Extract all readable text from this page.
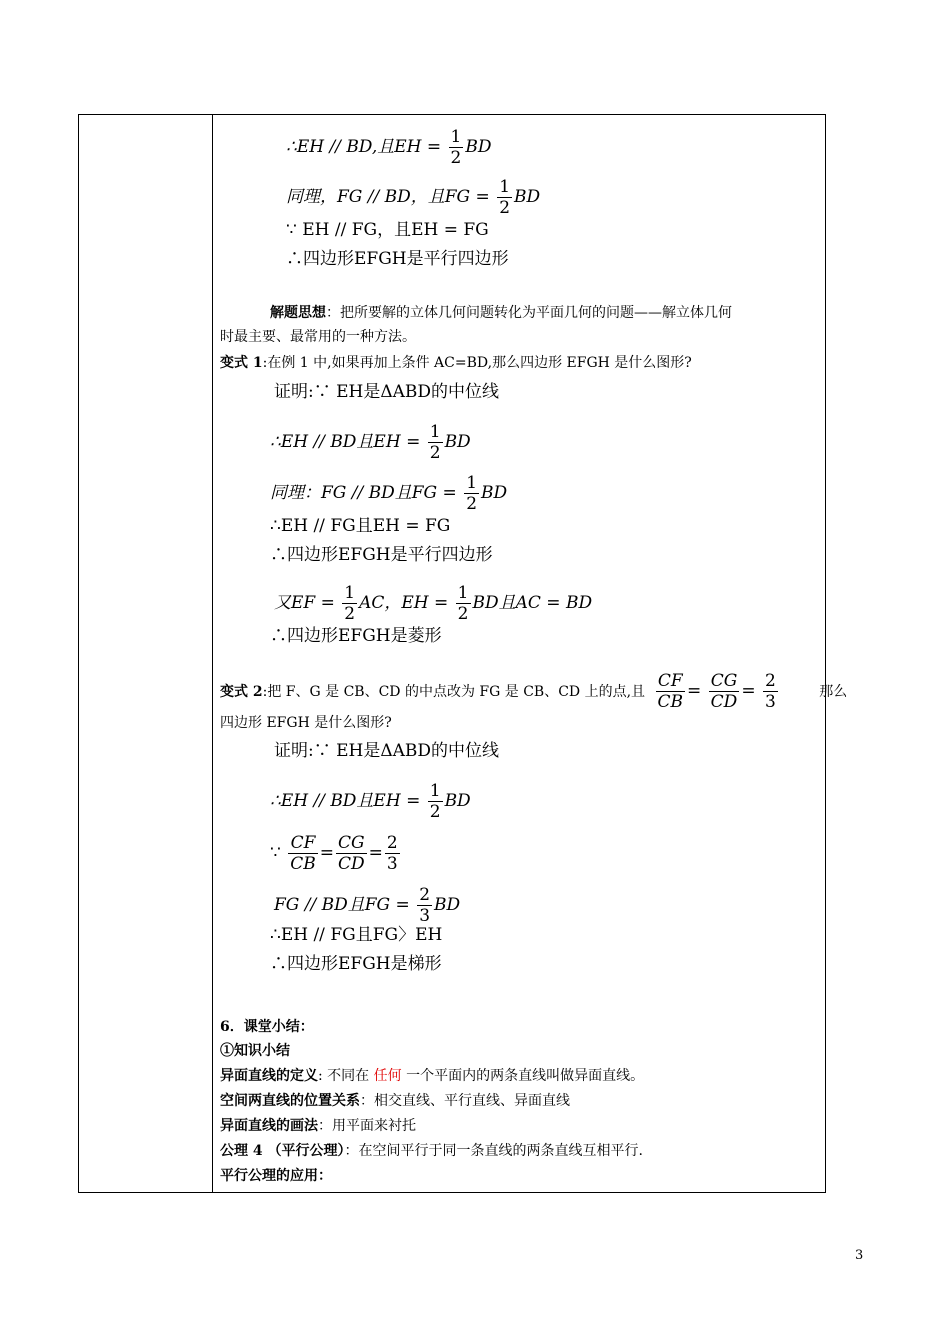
∴EH // BD,且EH = $\frac{1}{2}$ BD
同理，FG // BD，且FG = $\frac{1}{2}$ BD
∵ EH // FG，且EH = FG
∴四边形EFGH是平行四边形
解题思想：把所要解的立体几何问题转化为平面几何的问题——解立体几何
时最主要、最常用的一种方法。
变式 1:在例 1 中,如果再加上条件 AC=BD,那么四边形 EFGH 是什么图形?
证明:∵ EH是ΔABD的中位线
∴EH // BD且EH = $\frac{1}{2}$ BD
同理：FG // BD且FG = $\frac{1}{2}$ BD
∴EH // FG且EH = FG
∴四边形EFGH是平行四边形
又EF = $\frac{1}{2}$ AC，EH = $\frac{1}{2}$ BD且AC = BD
∴四边形EFGH是菱形
变式 2:把 F、G 是 CB、CD 的中点改为 FG 是 CB、CD 上的点,且 $\frac{CF}{CB} = \frac{CG}{CD} = \frac{2}{3}$	那么
四边形 EFGH 是什么图形?
证明:∵ EH是ΔABD的中位线
∴EH // BD且EH = $\frac{1}{2}$ BD
∵ $\frac{CF}{CB} = \frac{CG}{CD} = \frac{2}{3}$
FG // BD且FG = $\frac{2}{3}$ BD
∴EH // FG且FG〉EH
∴四边形EFGH是梯形
6．课堂小结：
①知识小结
异面直线的定义: 不同在 任何 一个平面内的两条直线叫做异面直线。
空间两直线的位置关系：相交直线、平行直线、异面直线
异面直线的画法：用平面来衬托
公理 4 （平行公理）：在空间平行于同一条直线的两条直线互相平行.
平行公理的应用：
3
